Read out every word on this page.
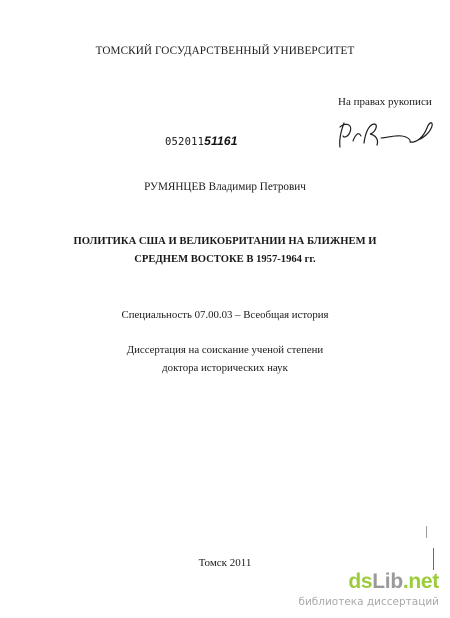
ТОМСКИЙ ГОСУДАРСТВЕННЫЙ УНИВЕРСИТЕТ
На правах рукописи
05201151161
РУМЯНЦЕВ Владимир Петрович
ПОЛИТИКА США И ВЕЛИКОБРИТАНИИ НА БЛИЖНЕМ И
СРЕДНЕМ ВОСТОКЕ В 1957-1964 гг.
Специальность 07.00.03 – Всеобщая история
Диссертация на соискание ученой степени
доктора исторических наук
Томск 2011
dsLib.net
библиотека диссертаций
